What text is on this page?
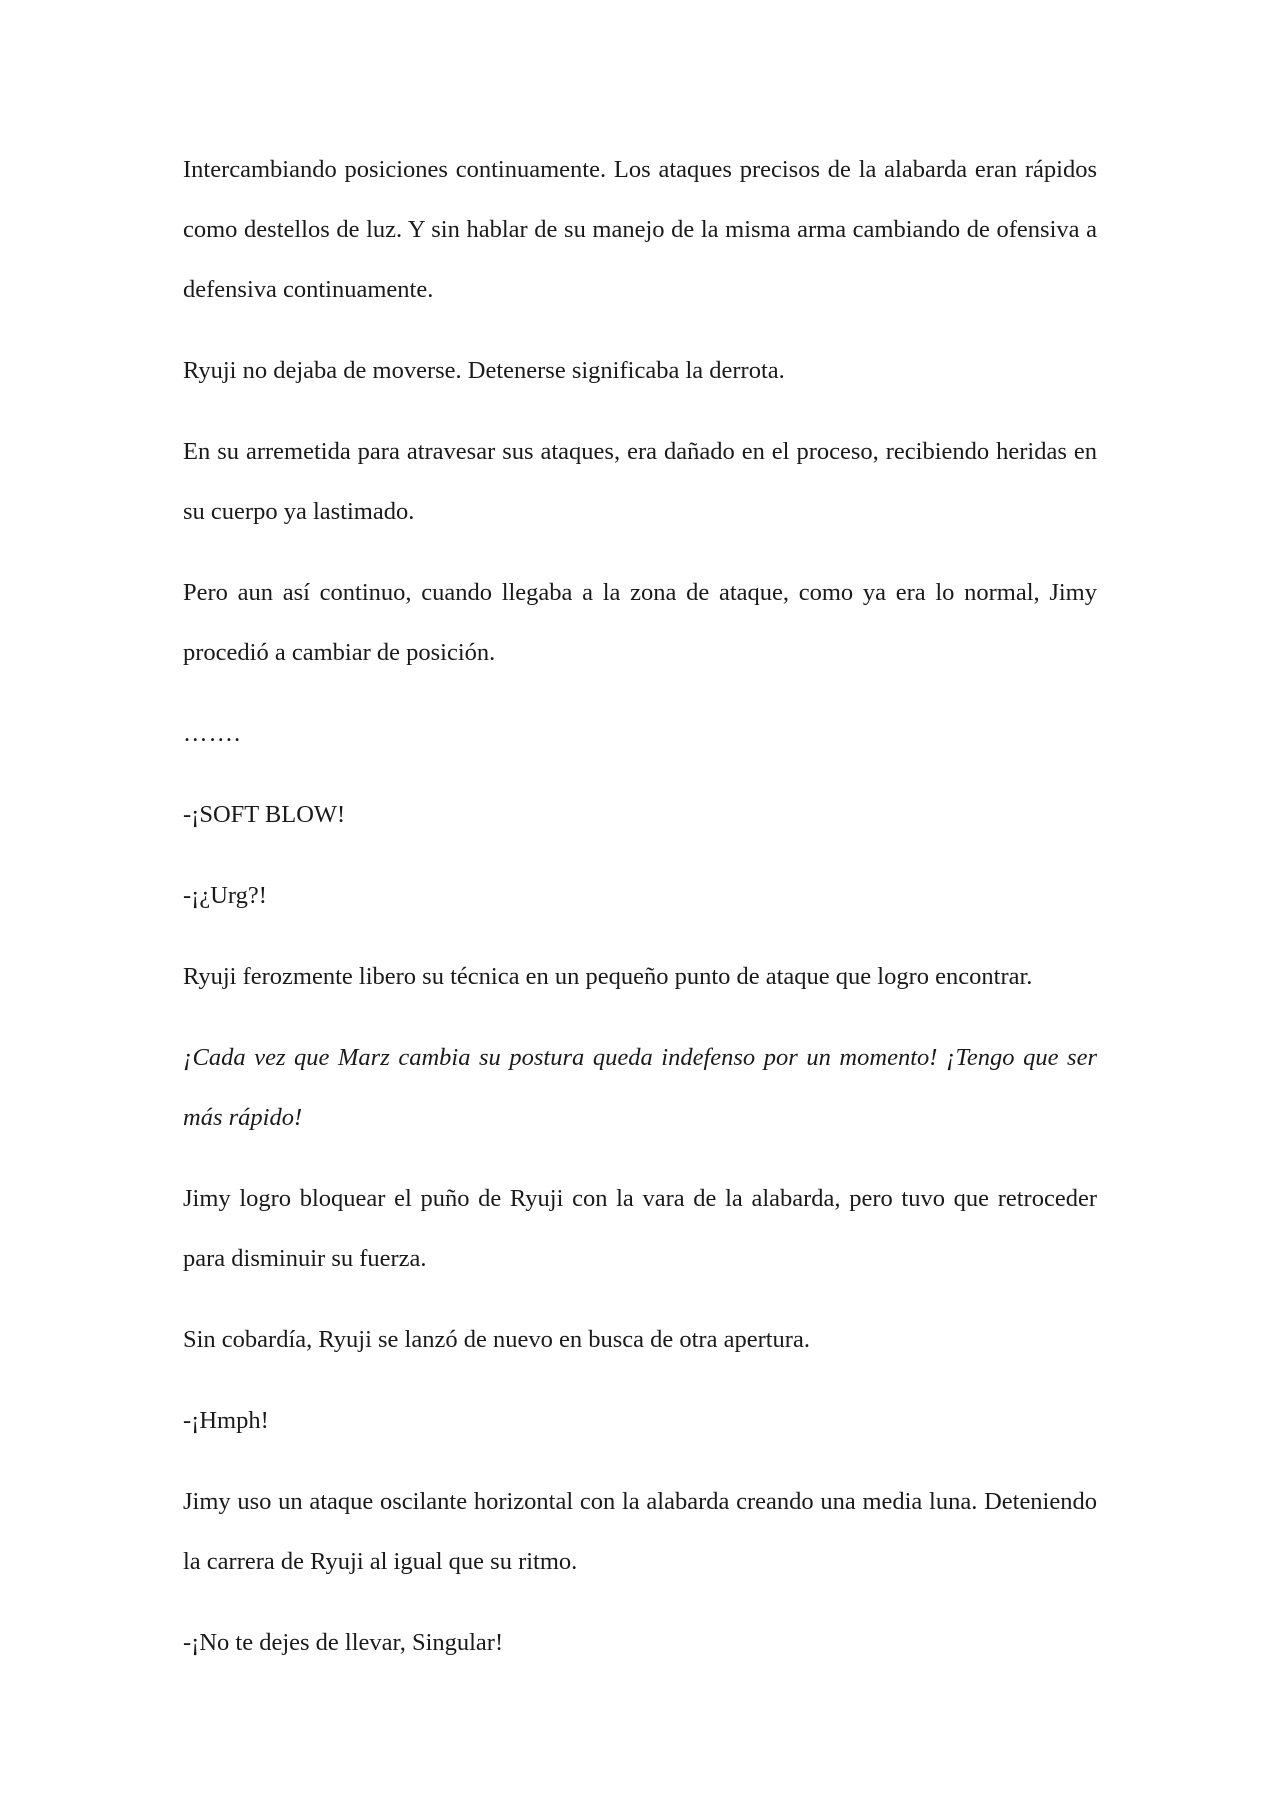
Intercambiando posiciones continuamente. Los ataques precisos de la alabarda eran rápidos como destellos de luz. Y sin hablar de su manejo de la misma arma cambiando de ofensiva a defensiva continuamente.

Ryuji no dejaba de moverse. Detenerse significaba la derrota.

En su arremetida para atravesar sus ataques, era dañado en el proceso, recibiendo heridas en su cuerpo ya lastimado.

Pero aun así continuo, cuando llegaba a la zona de ataque, como ya era lo normal, Jimy procedió a cambiar de posición.

…….

-¡SOFT BLOW!

-¡¿Urg?!

Ryuji ferozmente libero su técnica en un pequeño punto de ataque que logro encontrar.

¡Cada vez que Marz cambia su postura queda indefenso por un momento! ¡Tengo que ser más rápido!

Jimy logro bloquear el puño de Ryuji con la vara de la alabarda, pero tuvo que retroceder para disminuir su fuerza.

Sin cobardía, Ryuji se lanzó de nuevo en busca de otra apertura.

-¡Hmph!

Jimy uso un ataque oscilante horizontal con la alabarda creando una media luna. Deteniendo la carrera de Ryuji al igual que su ritmo.

-¡No te dejes de llevar, Singular!
